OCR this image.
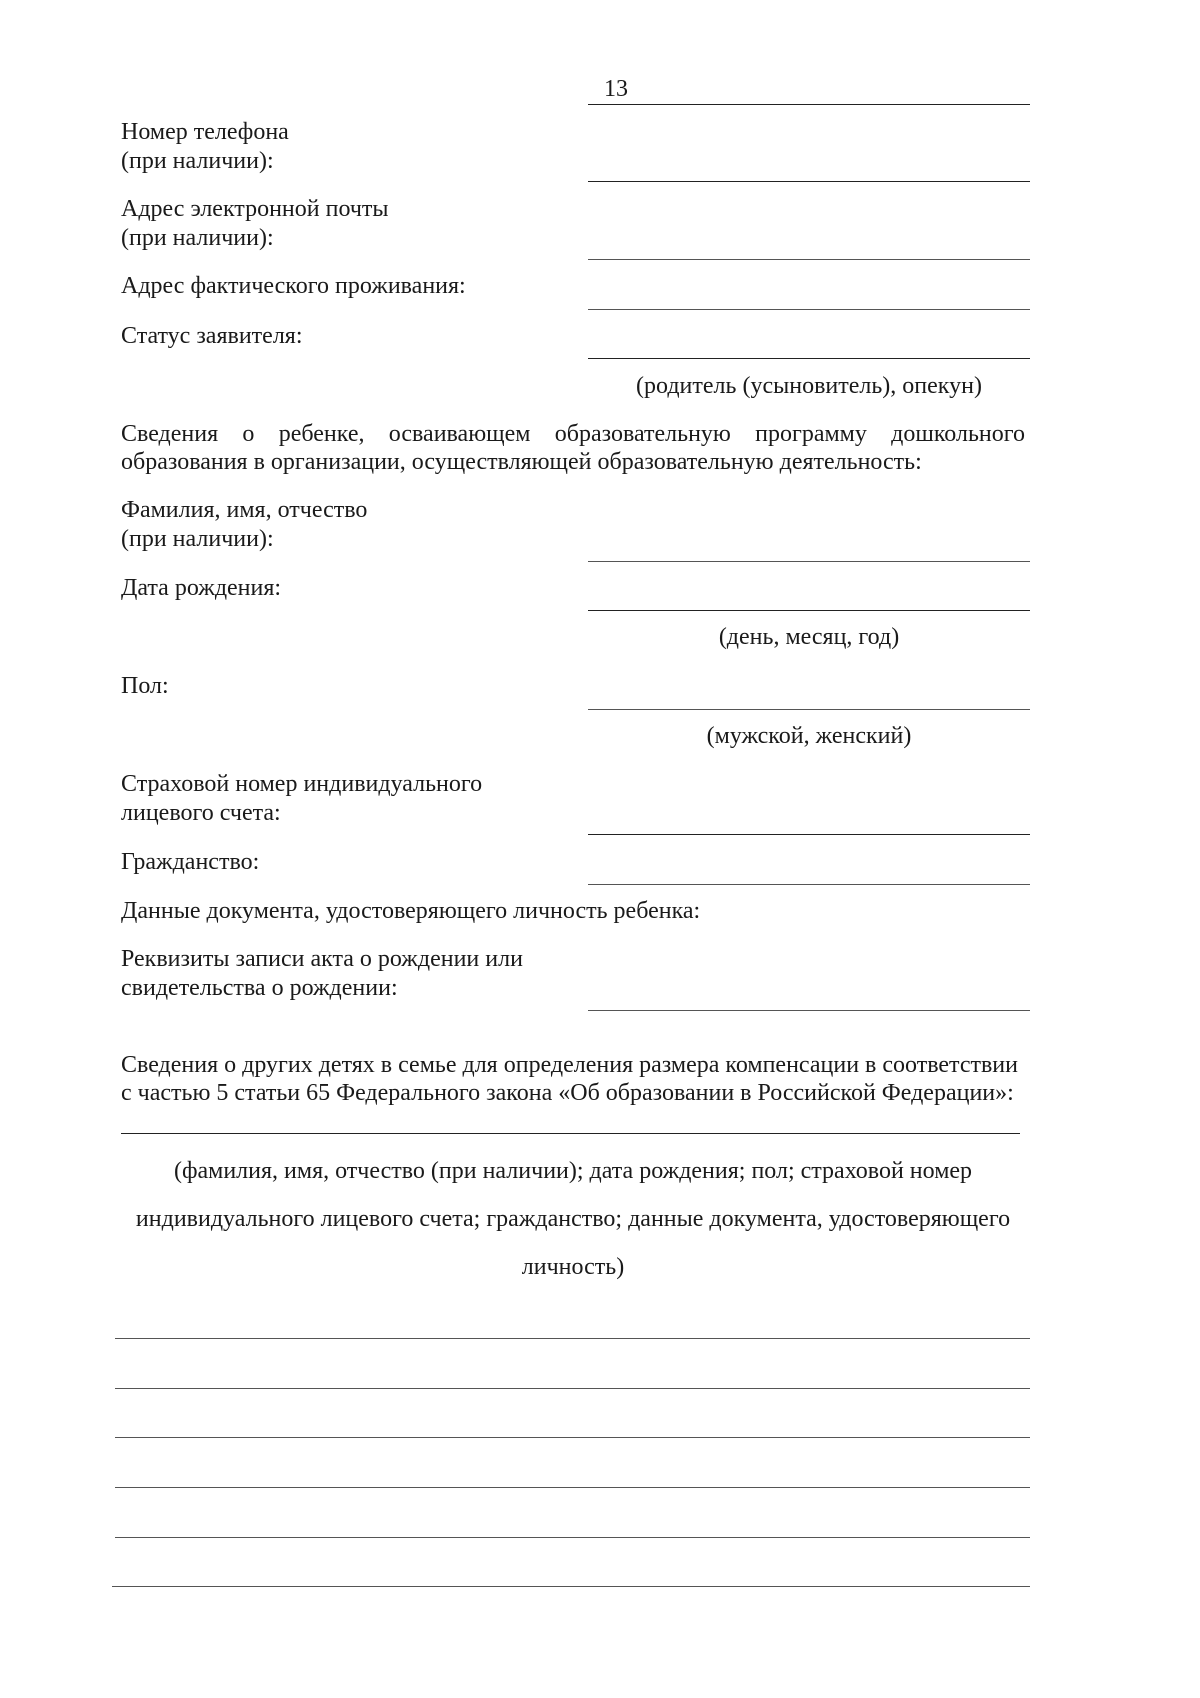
13
Номер телефона
(при наличии):
Адрес электронной почты
(при наличии):
Адрес фактического проживания:
Статус заявителя:
(родитель (усыновитель), опекун)
Сведения о ребенке, осваивающем образовательную программу дошкольного
образования в организации, осуществляющей образовательную деятельность:
Фамилия, имя, отчество
(при наличии):
Дата рождения:
(день, месяц, год)
Пол:
(мужской, женский)
Страховой номер индивидуального
лицевого счета:
Гражданство:
Данные документа, удостоверяющего личность ребенка:
Реквизиты записи акта о рождении или
свидетельства о рождении:
Сведения о других детях в семье для определения размера компенсации в соответствии
с частью 5 статьи 65 Федерального закона «Об образовании в Российской Федерации»:
(фамилия, имя, отчество (при наличии); дата рождения; пол; страховой номер
индивидуального лицевого счета; гражданство; данные документа, удостоверяющего
личность)
